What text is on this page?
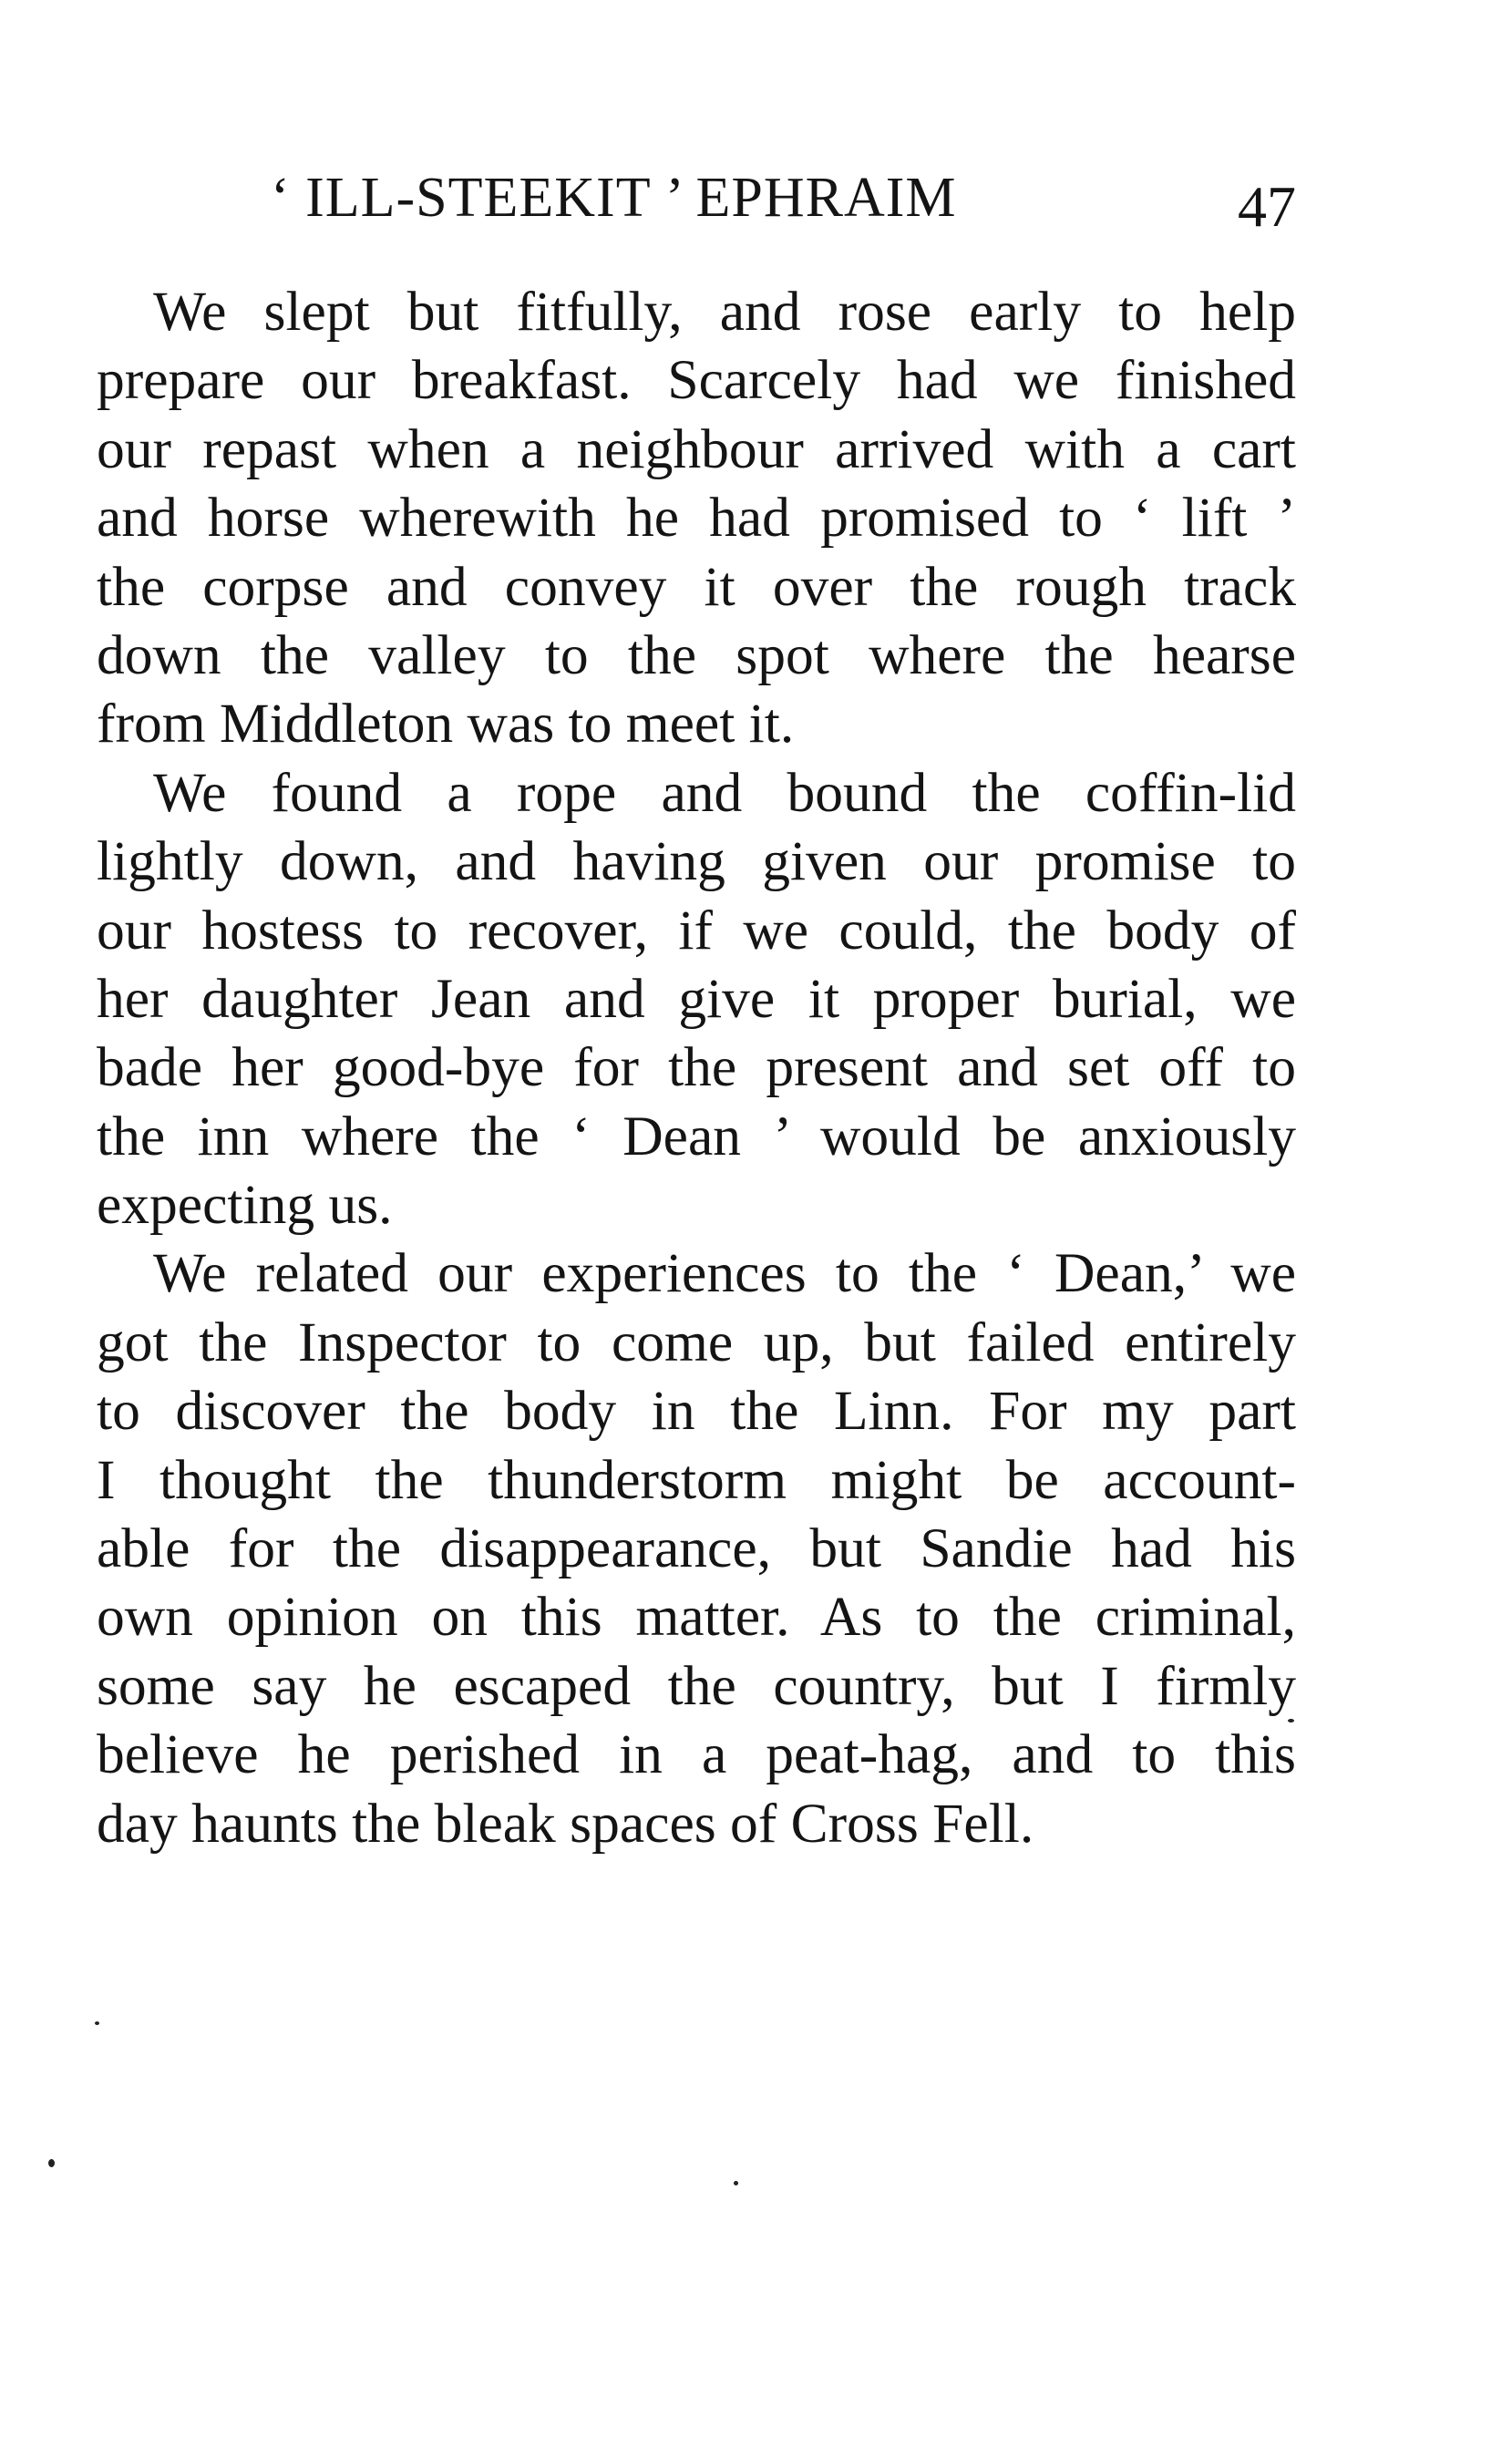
‘ ILL-STEEKIT ’ EPHRAIM	47
We slept but fitfully, and rose early to help
prepare our breakfast. Scarcely had we finished
our repast when a neighbour arrived with a cart
and horse wherewith he had promised to ‘ lift ’
the corpse and convey it over the rough track
down the valley to the spot where the hearse
from Middleton was to meet it.
We found a rope and bound the coffin-lid
lightly down, and having given our promise to
our hostess to recover, if we could, the body of
her daughter Jean and give it proper burial, we
bade her good-bye for the present and set off to
the inn where the ‘ Dean ’ would be anxiously
expecting us.
We related our experiences to the ‘ Dean,’ we
got the Inspector to come up, but failed entirely
to discover the body in the Linn. For my part
I thought the thunderstorm might be account-
able for the disappearance, but Sandie had his
own opinion on this matter. As to the criminal,
some say he escaped the country, but I firmly
believe he perished in a peat-hag, and to this
day haunts the bleak spaces of Cross Fell.
